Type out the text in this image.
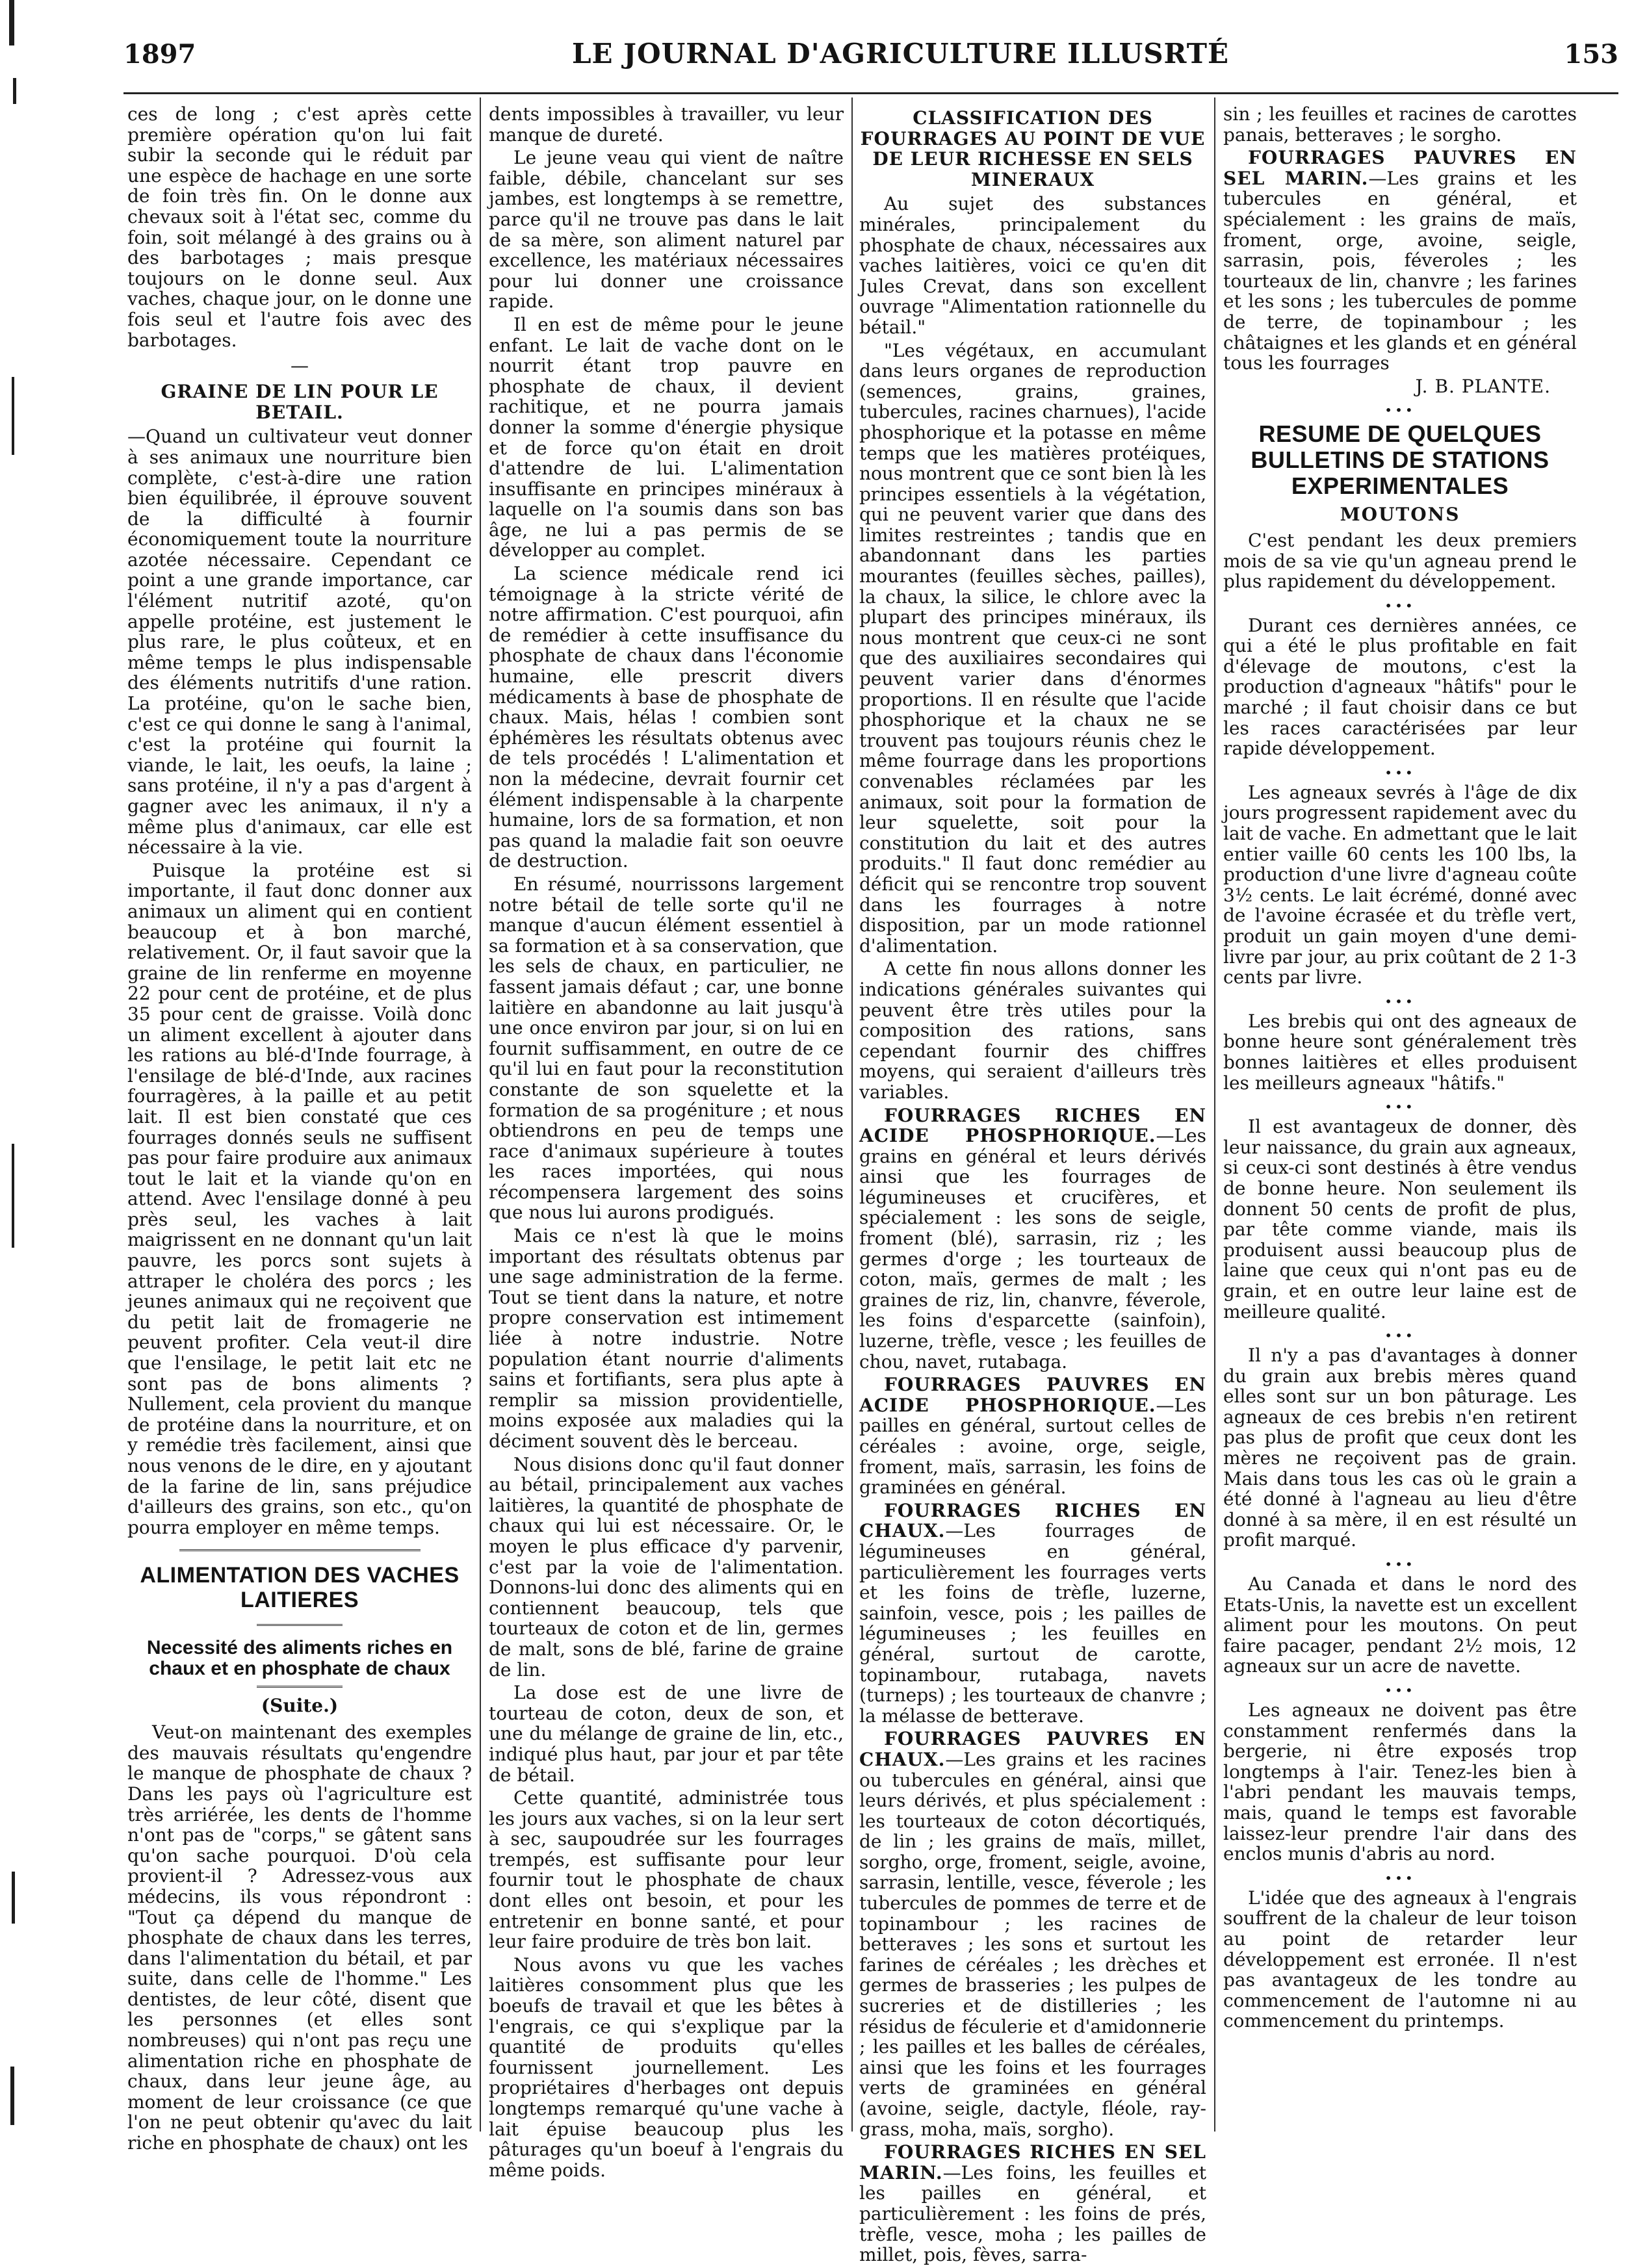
1897	LE JOURNAL D'AGRICULTURE ILLUSRTÉ	153

ces de long ; c'est après cette première opération qu'on lui fait subir la seconde qui le réduit par une espèce de hachage en une sorte de foin très fin. On le donne aux chevaux soit à l'état sec, comme du foin, soit mélangé à des grains ou à des barbotages ; mais presque toujours on le donne seul. Aux vaches, chaque jour, on le donne une fois seul et l'autre fois avec des barbotages.

—
GRAINE DE LIN POUR LE BETAIL.

—Quand un cultivateur veut donner à ses animaux une nourriture bien complète, c'est-à-dire une ration bien équilibrée, il éprouve souvent de la difficulté à fournir économiquement toute la nourriture azotée nécessaire. Cependant ce point a une grande importance, car l'élément nutritif azoté, qu'on appelle protéine, est justement le plus rare, le plus coûteux, et en même temps le plus indispensable des éléments nutritifs d'une ration. La protéine, qu'on le sache bien, c'est ce qui donne le sang à l'animal, c'est la protéine qui fournit la viande, le lait, les oeufs, la laine ; sans protéine, il n'y a pas d'argent à gagner avec les animaux, il n'y a même plus d'animaux, car elle est nécessaire à la vie.

Puisque la protéine est si importante, il faut donc donner aux animaux un aliment qui en contient beaucoup et à bon marché, relativement. Or, il faut savoir que la graine de lin renferme en moyenne 22 pour cent de protéine, et de plus 35 pour cent de graisse. Voilà donc un aliment excellent à ajouter dans les rations au blé-d'Inde fourrage, à l'ensilage de blé-d'Inde, aux racines fourragères, à la paille et au petit lait. Il est bien constaté que ces fourrages donnés seuls ne suffisent pas pour faire produire aux animaux tout le lait et la viande qu'on en attend. Avec l'ensilage donné à peu près seul, les vaches à lait maigrissent en ne donnant qu'un lait pauvre, les porcs sont sujets à attraper le choléra des porcs ; les jeunes animaux qui ne reçoivent que du petit lait de fromagerie ne peuvent profiter. Cela veut-il dire que l'ensilage, le petit lait etc ne sont pas de bons aliments ? Nullement, cela provient du manque de protéine dans la nourriture, et on y remédie très facilement, ainsi que nous venons de le dire, en y ajoutant de la farine de lin, sans préjudice d'ailleurs des grains, son etc., qu'on pourra employer en même temps.

ALIMENTATION DES VACHES LAITIERES
Necessité des aliments riches en chaux et en phosphate de chaux
(Suite.)

Veut-on maintenant des exemples des mauvais résultats qu'engendre le manque de phosphate de chaux ? Dans les pays où l'agriculture est très arriérée, les dents de l'homme n'ont pas de "corps," se gâtent sans qu'on sache pourquoi. D'où cela provient-il ? Adressez-vous aux médecins, ils vous répondront : "Tout ça dépend du manque de phosphate de chaux dans les terres, dans l'alimentation du bétail, et par suite, dans celle de l'homme." Les dentistes, de leur côté, disent que les personnes (et elles sont nombreuses) qui n'ont pas reçu une alimentation riche en phosphate de chaux, dans leur jeune âge, au moment de leur croissance (ce que l'on ne peut obtenir qu'avec du lait riche en phosphate de chaux) ont les

dents impossibles à travailler, vu leur manque de dureté.

Le jeune veau qui vient de naître faible, débile, chancelant sur ses jambes, est longtemps à se remettre, parce qu'il ne trouve pas dans le lait de sa mère, son aliment naturel par excellence, les matériaux nécessaires pour lui donner une croissance rapide.

Il en est de même pour le jeune enfant. Le lait de vache dont on le nourrit étant trop pauvre en phosphate de chaux, il devient rachitique, et ne pourra jamais donner la somme d'énergie physique et de force qu'on était en droit d'attendre de lui. L'alimentation insuffisante en principes minéraux à laquelle on l'a soumis dans son bas âge, ne lui a pas permis de se développer au complet.

La science médicale rend ici témoignage à la stricte vérité de notre affirmation. C'est pourquoi, afin de remédier à cette insuffisance du phosphate de chaux dans l'économie humaine, elle prescrit divers médicaments à base de phosphate de chaux. Mais, hélas ! combien sont éphémères les résultats obtenus avec de tels procédés ! L'alimentation et non la médecine, devrait fournir cet élément indispensable à la charpente humaine, lors de sa formation, et non pas quand la maladie fait son oeuvre de destruction.

En résumé, nourrissons largement notre bétail de telle sorte qu'il ne manque d'aucun élément essentiel à sa formation et à sa conservation, que les sels de chaux, en particulier, ne fassent jamais défaut ; car, une bonne laitière en abandonne au lait jusqu'à une once environ par jour, si on lui en fournit suffisamment, en outre de ce qu'il lui en faut pour la reconstitution constante de son squelette et la formation de sa progéniture ; et nous obtiendrons en peu de temps une race d'animaux supérieure à toutes les races importées, qui nous récompensera largement des soins que nous lui aurons prodigués.

Mais ce n'est là que le moins important des résultats obtenus par une sage administration de la ferme. Tout se tient dans la nature, et notre propre conservation est intimement liée à notre industrie. Notre population étant nourrie d'aliments sains et fortifiants, sera plus apte à remplir sa mission providentielle, moins exposée aux maladies qui la déciment souvent dès le berceau.

Nous disions donc qu'il faut donner au bétail, principalement aux vaches laitières, la quantité de phosphate de chaux qui lui est nécessaire. Or, le moyen le plus efficace d'y parvenir, c'est par la voie de l'alimentation. Donnons-lui donc des aliments qui en contiennent beaucoup, tels que tourteaux de coton et de lin, germes de malt, sons de blé, farine de graine de lin.

La dose est de une livre de tourteau de coton, deux de son, et une du mélange de graine de lin, etc., indiqué plus haut, par jour et par tête de bétail.

Cette quantité, administrée tous les jours aux vaches, si on la leur sert à sec, saupoudrée sur les fourrages trempés, est suffisante pour leur fournir tout le phosphate de chaux dont elles ont besoin, et pour les entretenir en bonne santé, et pour leur faire produire de très bon lait.

Nous avons vu que les vaches laitières consomment plus que les boeufs de travail et que les bêtes à l'engrais, ce qui s'explique par la quantité de produits qu'elles fournissent journellement. Les propriétaires d'herbages ont depuis longtemps remarqué qu'une vache à lait épuise beaucoup plus les pâturages qu'un boeuf à l'engrais du même poids.

CLASSIFICATION DES FOURRAGES AU POINT DE VUE DE LEUR RICHESSE EN SELS MINERAUX

Au sujet des substances minérales, principalement du phosphate de chaux, nécessaires aux vaches laitières, voici ce qu'en dit Jules Crevat, dans son excellent ouvrage "Alimentation rationnelle du bétail."

"Les végétaux, en accumulant dans leurs organes de reproduction (semences, grains, graines, tubercules, racines charnues), l'acide phosphorique et la potasse en même temps que les matières protéiques, nous montrent que ce sont bien là les principes essentiels à la végétation, qui ne peuvent varier que dans des limites restreintes ; tandis que en abandonnant dans les parties mourantes (feuilles sèches, pailles), la chaux, la silice, le chlore avec la plupart des principes minéraux, ils nous montrent que ceux-ci ne sont que des auxiliaires secondaires qui peuvent varier dans d'énormes proportions. Il en résulte que l'acide phosphorique et la chaux ne se trouvent pas toujours réunis chez le même fourrage dans les proportions convenables réclamées par les animaux, soit pour la formation de leur squelette, soit pour la constitution du lait et des autres produits." Il faut donc remédier au déficit qui se rencontre trop souvent dans les fourrages à notre disposition, par un mode rationnel d'alimentation.

A cette fin nous allons donner les indications générales suivantes qui peuvent être très utiles pour la composition des rations, sans cependant fournir des chiffres moyens, qui seraient d'ailleurs très variables.

FOURRAGES RICHES EN ACIDE PHOSPHORIQUE.—Les grains en général et leurs dérivés ainsi que les fourrages de légumineuses et crucifères, et spécialement : les sons de seigle, froment (blé), sarrasin, riz ; les germes d'orge ; les tourteaux de coton, maïs, germes de malt ; les graines de riz, lin, chanvre, féverole, les foins d'esparcette (sainfoin), luzerne, trèfle, vesce ; les feuilles de chou, navet, rutabaga.

FOURRAGES PAUVRES EN ACIDE PHOSPHORIQUE.—Les pailles en général, surtout celles de céréales : avoine, orge, seigle, froment, maïs, sarrasin, les foins de graminées en général.

FOURRAGES RICHES EN CHAUX.—Les fourrages de légumineuses en général, particulièrement les fourrages verts et les foins de trèfle, luzerne, sainfoin, vesce, pois ; les pailles de légumineuses ; les feuilles en général, surtout de carotte, topinambour, rutabaga, navets (turneps) ; les tourteaux de chanvre ; la mélasse de betterave.

FOURRAGES PAUVRES EN CHAUX.—Les grains et les racines ou tubercules en général, ainsi que leurs dérivés, et plus spécialement : les tourteaux de coton décortiqués, de lin ; les grains de maïs, millet, sorgho, orge, froment, seigle, avoine, sarrasin, lentille, vesce, féverole ; les tubercules de pommes de terre et de topinambour ; les racines de betteraves ; les sons et surtout les farines de céréales ; les drèches et germes de brasseries ; les pulpes de sucreries et de distilleries ; les résidus de féculerie et d'amidonnerie ; les pailles et les balles de céréales, ainsi que les foins et les fourrages verts de graminées en général (avoine, seigle, dactyle, fléole, ray-grass, moha, maïs, sorgho).

FOURRAGES RICHES EN SEL MARIN.—Les foins, les feuilles et les pailles en général, et particulièrement : les foins de prés, trèfle, vesce, moha ; les pailles de millet, pois, fèves, sarra-

sin ; les feuilles et racines de carottes panais, betteraves ; le sorgho.

FOURRAGES PAUVRES EN SEL MARIN.—Les grains et les tubercules en général, et spécialement : les grains de maïs, froment, orge, avoine, seigle, sarrasin, pois, féveroles ; les tourteaux de lin, chanvre ; les farines et les sons ; les tubercules de pomme de terre, de topinambour ; les châtaignes et les glands et en général tous les fourrages

J. B. PLANTE.
•••
RESUME DE QUELQUES BULLETINS DE STATIONS EXPERIMENTALES
MOUTONS

C'est pendant les deux premiers mois de sa vie qu'un agneau prend le plus rapidement du développement.

•••

Durant ces dernières années, ce qui a été le plus profitable en fait d'élevage de moutons, c'est la production d'agneaux "hâtifs" pour le marché ; il faut choisir dans ce but les races caractérisées par leur rapide développement.

•••

Les agneaux sevrés à l'âge de dix jours progressent rapidement avec du lait de vache. En admettant que le lait entier vaille 60 cents les 100 lbs, la production d'une livre d'agneau coûte 3½ cents. Le lait écrémé, donné avec de l'avoine écrasée et du trèfle vert, produit un gain moyen d'une demi-livre par jour, au prix coûtant de 2 1-3 cents par livre.

•••

Les brebis qui ont des agneaux de bonne heure sont généralement très bonnes laitières et elles produisent les meilleurs agneaux "hâtifs."

•••

Il est avantageux de donner, dès leur naissance, du grain aux agneaux, si ceux-ci sont destinés à être vendus de bonne heure. Non seulement ils donnent 50 cents de profit de plus, par tête comme viande, mais ils produisent aussi beaucoup plus de laine que ceux qui n'ont pas eu de grain, et en outre leur laine est de meilleure qualité.

•••

Il n'y a pas d'avantages à donner du grain aux brebis mères quand elles sont sur un bon pâturage. Les agneaux de ces brebis n'en retirent pas plus de profit que ceux dont les mères ne reçoivent pas de grain. Mais dans tous les cas où le grain a été donné à l'agneau au lieu d'être donné à sa mère, il en est résulté un profit marqué.

•••

Au Canada et dans le nord des Etats-Unis, la navette est un excellent aliment pour les moutons. On peut faire pacager, pendant 2½ mois, 12 agneaux sur un acre de navette.

•••

Les agneaux ne doivent pas être constamment renfermés dans la bergerie, ni être exposés trop longtemps à l'air. Tenez-les bien à l'abri pendant les mauvais temps, mais, quand le temps est favorable laissez-leur prendre l'air dans des enclos munis d'abris au nord.

•••

L'idée que des agneaux à l'engrais souffrent de la chaleur de leur toison au point de retarder leur développement est erronée. Il n'est pas avantageux de les tondre au commencement de l'automne ni au commencement du printemps.
